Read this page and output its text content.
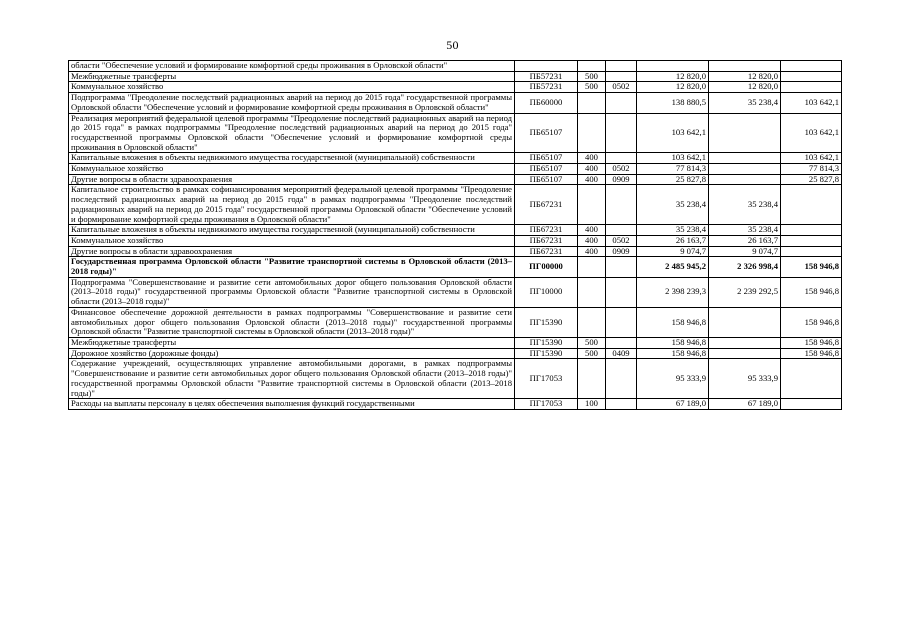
50
области "Обеспечение условий и формирование комфортной среды проживания в Орловской области"						
Межбюджетные трансферты	ПБ57231	500		12 820,0	12 820,0	
Коммунальное хозяйство	ПБ57231	500	0502	12 820,0	12 820,0	
Подпрограмма "Преодоление последствий радиационных аварий на период до 2015 года" государственной программы Орловской области "Обеспечение условий и формирование комфортной среды проживания в Орловской области"	ПБ60000			138 880,5	35 238,4	103 642,1
Реализация мероприятий федеральной целевой программы "Преодоление последствий радиационных аварий на период до 2015 года" в рамках подпрограммы "Преодоление последствий радиационных аварий на период до 2015 года" государственной программы Орловской области "Обеспечение условий и формирование комфортной среды проживания в Орловской области"	ПБ65107			103 642,1		103 642,1
Капитальные вложения в объекты недвижимого имущества государственной (муниципальной) собственности	ПБ65107	400		103 642,1		103 642,1
Коммунальное хозяйство	ПБ65107	400	0502	77 814,3		77 814,3
Другие вопросы в области здравоохранения	ПБ65107	400	0909	25 827,8		25 827,8
Капитальное строительство в рамках софинансирования мероприятий федеральной целевой программы "Преодоление последствий радиационных аварий на период до 2015 года" в рамках подпрограммы "Преодоление последствий радиационных аварий на период до 2015 года" государственной программы Орловской области "Обеспечение условий и формирование комфортной среды проживания в Орловской области"	ПБ67231			35 238,4	35 238,4	
Капитальные вложения в объекты недвижимого имущества государственной (муниципальной) собственности	ПБ67231	400		35 238,4	35 238,4	
Коммунальное хозяйство	ПБ67231	400	0502	26 163,7	26 163,7	
Другие вопросы в области здравоохранения	ПБ67231	400	0909	9 074,7	9 074,7	
Государственная программа Орловской области "Развитие транспортной системы в Орловской области (2013–2018 годы)"	ПГ00000			2 485 945,2	2 326 998,4	158 946,8
Подпрограмма "Совершенствование и развитие сети автомобильных дорог общего пользования Орловской области (2013–2018 годы)" государственной программы Орловской области "Развитие транспортной системы в Орловской области (2013–2018 годы)"	ПГ10000			2 398 239,3	2 239 292,5	158 946,8
Финансовое обеспечение дорожной деятельности в рамках подпрограммы "Совершенствование и развитие сети автомобильных дорог общего пользования Орловской области (2013–2018 годы)" государственной программы Орловской области "Развитие транспортной системы в Орловской области (2013–2018 годы)"	ПГ15390			158 946,8		158 946,8
Межбюджетные трансферты	ПГ15390	500		158 946,8		158 946,8
Дорожное хозяйство (дорожные фонды)	ПГ15390	500	0409	158 946,8		158 946,8
Содержание учреждений, осуществляющих управление автомобильными дорогами, в рамках подпрограммы "Совершенствование и развитие сети автомобильных дорог общего пользования Орловской области (2013–2018 годы)" государственной программы Орловской области "Развитие транспортной системы в Орловской области (2013–2018 годы)"	ПГ17053			95 333,9	95 333,9	
Расходы на выплаты персоналу в целях обеспечения выполнения функций государственными	ПГ17053	100		67 189,0	67 189,0	
